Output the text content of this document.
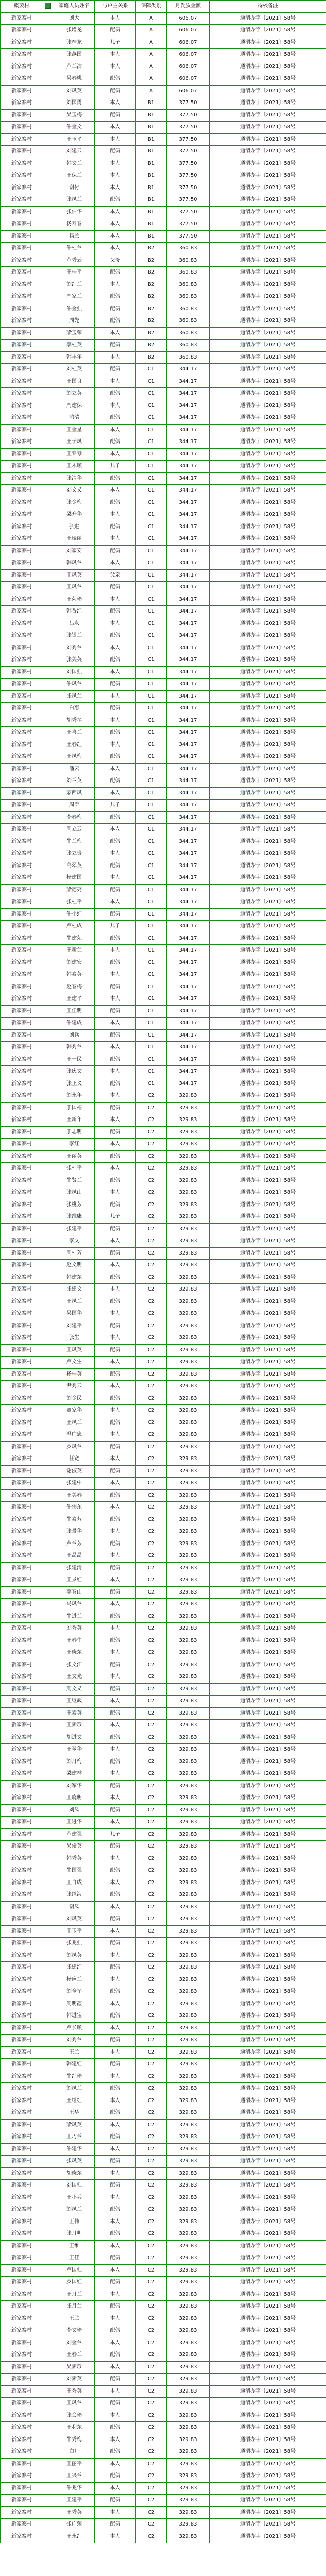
概要村		家庭人员姓名	与户主关系	保障类别	月发放金额	待核备注
新家寨村		刘大	本人	A	606.07	通渭办字〔2021〕58号
新家寨村		张增龙	配偶	A	606.07	通渭办字〔2021〕58号
新家寨村		张桂龙	儿子	A	606.07	通渭办字〔2021〕58号
新家寨村		张燕国	本人	A	606.07	通渭办字〔2021〕58号
新家寨村		卢兰洁	本人	A	606.07	通渭办字〔2021〕58号
新家寨村		吴春桃	配偶	A	606.07	通渭办字〔2021〕58号
新家寨村		刘凤英	配偶	A	606.07	通渭办字〔2021〕58号
新家寨村		刘国勇	本人	B1	377.50	通渭办字〔2021〕58号
新家寨村		吴玉梅	配偶	B1	377.50	通渭办字〔2021〕58号
新家寨村		牛金文	本人	B1	377.50	通渭办字〔2021〕58号
新家寨村		王玉平	本人	B1	377.50	通渭办字〔2021〕58号
新家寨村		刘建云	配偶	B1	377.50	通渭办字〔2021〕58号
新家寨村		韩文兰	本人	B1	377.50	通渭办字〔2021〕58号
新家寨村		王保兰	本人	B1	377.50	通渭办字〔2021〕58号
新家寨村		谢付	本人	B1	377.50	通渭办字〔2021〕58号
新家寨村		张凤兰	配偶	B1	377.50	通渭办字〔2021〕58号
新家寨村		张伯华	本人	B1	377.50	通渭办字〔2021〕58号
新家寨村		杨寿春	本人	B1	377.50	通渭办字〔2021〕58号
新家寨村		杨兰	本人	B1	377.50	通渭办字〔2021〕58号
新家寨村		牛桂兰	本人	B2	360.83	通渭办字〔2021〕58号
新家寨村		卢秀云	父母	B2	360.83	通渭办字〔2021〕58号
新家寨村		王桂平	配偶	B2	360.83	通渭办字〔2021〕58号
新家寨村		刘红兰	本人	B2	360.83	通渭办字〔2021〕58号
新家寨村		周家兰	配偶	B2	360.83	通渭办字〔2021〕58号
新家寨村		牛金强	配偶	B2	360.83	通渭办字〔2021〕58号
新家寨村		周先	配偶	B2	360.83	通渭办字〔2021〕58号
新家寨村		梁玉荣	本人	B2	360.83	通渭办字〔2021〕58号
新家寨村		李桂英	配偶	B2	360.83	通渭办字〔2021〕58号
新家寨村		韩丰年	本人	B2	360.83	通渭办字〔2021〕58号
新家寨村		刘桂英	配偶	C1	344.17	通渭办字〔2021〕58号
新家寨村		王国良	本人	C1	344.17	通渭办字〔2021〕58号
新家寨村		刘立英	配偶	C1	344.17	通渭办字〔2021〕58号
新家寨村		周建保	本人	C1	344.17	通渭办字〔2021〕58号
新家寨村		鸿清	配偶	C1	344.17	通渭办字〔2021〕58号
新家寨村		王金星	本人	C1	344.17	通渭办字〔2021〕58号
新家寨村		王子凤	配偶	C1	344.17	通渭办字〔2021〕58号
新家寨村		王亚琴	本人	C1	344.17	通渭办字〔2021〕58号
新家寨村		王木顺	儿子	C1	344.17	通渭办字〔2021〕58号
新家寨村		张清华	配偶	C1	344.17	通渭办字〔2021〕58号
新家寨村		刘文义	本人	C1	344.17	通渭办字〔2021〕58号
新家寨村		张金梅	配偶	C1	344.17	通渭办字〔2021〕58号
新家寨村		梁升华	本人	C1	344.17	通渭办字〔2021〕58号
新家寨村		张进	配偶	C1	344.17	通渭办字〔2021〕58号
新家寨村		王瑞丽	本人	C1	344.17	通渭办字〔2021〕58号
新家寨村		刘家安	配偶	C1	344.17	通渭办字〔2021〕58号
新家寨村		韩凤兰	本人	C1	344.17	通渭办字〔2021〕58号
新家寨村		王凤英	父亲	C1	344.17	通渭办字〔2021〕58号
新家寨村		王凤兰	配偶	C1	344.17	通渭办字〔2021〕58号
新家寨村		王菊珍	本人	C1	344.17	通渭办字〔2021〕58号
新家寨村		韩香红	配偶	C1	344.17	通渭办字〔2021〕58号
新家寨村		吕永	本人	C1	344.17	通渭办字〔2021〕58号
新家寨村		张银兰	配偶	C1	344.17	通渭办字〔2021〕58号
新家寨村		刘秀兰	本人	C1	344.17	通渭办字〔2021〕58号
新家寨村		张美英	配偶	C1	344.17	通渭办字〔2021〕58号
新家寨村		刘国强	本人	C1	344.17	通渭办字〔2021〕58号
新家寨村		牛凤兰	配偶	C1	344.17	通渭办字〔2021〕58号
新家寨村		张凤兰	本人	C1	344.17	通渭办字〔2021〕58号
新家寨村		白惠	配偶	C1	344.17	通渭办字〔2021〕58号
新家寨村		胡秀琴	本人	C1	344.17	通渭办字〔2021〕58号
新家寨村		王喜兰	配偶	C1	344.17	通渭办字〔2021〕58号
新家寨村		王春红	本人	C1	344.17	通渭办字〔2021〕58号
新家寨村		王凤梅	配偶	C1	344.17	通渭办字〔2021〕58号
新家寨村		潘云	本人	C1	344.17	通渭办字〔2021〕58号
新家寨村		刘兰英	配偶	C1	344.17	通渭办字〔2021〕58号
新家寨村		蒙西凤	本人	C1	344.17	通渭办字〔2021〕58号
新家寨村		周臣	儿子	C1	344.17	通渭办字〔2021〕58号
新家寨村		李春梅	配偶	C1	344.17	通渭办字〔2021〕58号
新家寨村		周立云	本人	C1	344.17	通渭办字〔2021〕58号
新家寨村		牛兰梅	配偶	C1	344.17	通渭办字〔2021〕58号
新家寨村		张立贵	本人	C1	344.17	通渭办字〔2021〕58号
新家寨村		高翠英	配偶	C1	344.17	通渭办字〔2021〕58号
新家寨村		杨建国	本人	C1	344.17	通渭办字〔2021〕58号
新家寨村		梁德亮	配偶	C1	344.17	通渭办字〔2021〕58号
新家寨村		张桂平	本人	C1	344.17	通渭办字〔2021〕58号
新家寨村		牛小红	配偶	C1	344.17	通渭办字〔2021〕58号
新家寨村		卢桂成	儿子	C1	344.17	通渭办字〔2021〕58号
新家寨村		牛建荣	配偶	C1	344.17	通渭办字〔2021〕58号
新家寨村		王新兰	本人	C1	344.17	通渭办字〔2021〕58号
新家寨村		刘建安	配偶	C1	344.17	通渭办字〔2021〕58号
新家寨村		韩素英	本人	C1	344.17	通渭办字〔2021〕58号
新家寨村		赵春梅	配偶	C1	344.17	通渭办字〔2021〕58号
新家寨村		王建平	本人	C1	344.17	通渭办字〔2021〕58号
新家寨村		王佳明	配偶	C1	344.17	通渭办字〔2021〕58号
新家寨村		牛建成	本人	C1	344.17	通渭办字〔2021〕58号
新家寨村		刘兵	配偶	C1	344.17	通渭办字〔2021〕58号
新家寨村		韩秀兰	本人	C1	344.17	通渭办字〔2021〕58号
新家寨村		王一民	配偶	C1	344.17	通渭办字〔2021〕58号
新家寨村		张庆文	本人	C1	344.17	通渭办字〔2021〕58号
新家寨村		张正义	配偶	C1	344.17	通渭办字〔2021〕58号
新家寨村		刘永年	本人	C2	329.83	通渭办字〔2021〕58号
新家寨村		于国福	配偶	C2	329.83	通渭办字〔2021〕58号
新家寨村		王新年	本人	C2	329.83	通渭办字〔2021〕58号
新家寨村		于志明	配偶	C2	329.83	通渭办字〔2021〕58号
新家寨村		李红	本人	C2	329.83	通渭办字〔2021〕58号
新家寨村		王丽英	配偶	C2	329.83	通渭办字〔2021〕58号
新家寨村		张桂平	本人	C2	329.83	通渭办字〔2021〕58号
新家寨村		牛贤兰	配偶	C2	329.83	通渭办字〔2021〕58号
新家寨村		张凤山	本人	C2	329.83	通渭办字〔2021〕58号
新家寨村		张桃芳	配偶	C2	329.83	通渭办字〔2021〕58号
新家寨村		张维康	儿子	C2	329.83	通渭办字〔2021〕58号
新家寨村		张建平	配偶	C2	329.83	通渭办字〔2021〕58号
新家寨村		李文	本人	C2	329.83	通渭办字〔2021〕58号
新家寨村		周桂芳	配偶	C2	329.83	通渭办字〔2021〕58号
新家寨村		赵文明	本人	C2	329.83	通渭办字〔2021〕58号
新家寨村		韩建东	配偶	C2	329.83	通渭办字〔2021〕58号
新家寨村		张建文	本人	C2	329.83	通渭办字〔2021〕58号
新家寨村		王凤兰	配偶	C2	329.83	通渭办字〔2021〕58号
新家寨村		吴国华	本人	C2	329.83	通渭办字〔2021〕58号
新家寨村		刘建平	配偶	C2	329.83	通渭办字〔2021〕58号
新家寨村		张生	本人	C2	329.83	通渭办字〔2021〕58号
新家寨村		王凤英	配偶	C2	329.83	通渭办字〔2021〕58号
新家寨村		卢文生	本人	C2	329.83	通渭办字〔2021〕58号
新家寨村		杨桂英	配偶	C2	329.83	通渭办字〔2021〕58号
新家寨村		尹秀云	本人	C2	329.83	通渭办字〔2021〕58号
新家寨村		刘金民	配偶	C2	329.83	通渭办字〔2021〕58号
新家寨村		董家华	本人	C2	329.83	通渭办字〔2021〕58号
新家寨村		王凤兰	配偶	C2	329.83	通渭办字〔2021〕58号
新家寨村		冯广忠	本人	C2	329.83	通渭办字〔2021〕58号
新家寨村		罗凤兰	配偶	C2	329.83	通渭办字〔2021〕58号
新家寨村		任宽	本人	C2	329.83	通渭办字〔2021〕58号
新家寨村		谢淑英	配偶	C2	329.83	通渭办字〔2021〕58号
新家寨村		张建中	本人	C2	329.83	通渭办字〔2021〕58号
新家寨村		王美春	配偶	C2	329.83	通渭办字〔2021〕58号
新家寨村		牛伟东	本人	C2	329.83	通渭办字〔2021〕58号
新家寨村		牛素芳	配偶	C2	329.83	通渭办字〔2021〕58号
新家寨村		张景华	本人	C2	329.83	通渭办字〔2021〕58号
新家寨村		卢兰芳	配偶	C2	329.83	通渭办字〔2021〕58号
新家寨村		王晶晶	本人	C2	329.83	通渭办字〔2021〕58号
新家寨村		张建清	配偶	C2	329.83	通渭办字〔2021〕58号
新家寨村		王景红	本人	C2	329.83	通渭办字〔2021〕58号
新家寨村		李春山	配偶	C2	329.83	通渭办字〔2021〕58号
新家寨村		马凤兰	本人	C2	329.83	通渭办字〔2021〕58号
新家寨村		牛进兰	配偶	C2	329.83	通渭办字〔2021〕58号
新家寨村		刘秀英	本人	C2	329.83	通渭办字〔2021〕58号
新家寨村		王春生	配偶	C2	329.83	通渭办字〔2021〕58号
新家寨村		王晓东	本人	C2	329.83	通渭办字〔2021〕58号
新家寨村		张文江	配偶	C2	329.83	通渭办字〔2021〕58号
新家寨村		王文光	本人	C2	329.83	通渭办字〔2021〕58号
新家寨村		周文义	配偶	C2	329.83	通渭办字〔2021〕58号
新家寨村		王继武	本人	C2	329.83	通渭办字〔2021〕58号
新家寨村		王素英	配偶	C2	329.83	通渭办字〔2021〕58号
新家寨村		王素珍	本人	C2	329.83	通渭办字〔2021〕58号
新家寨村		胡进文	配偶	C2	329.83	通渭办字〔2021〕58号
新家寨村		王翠华	本人	C2	329.83	通渭办字〔2021〕58号
新家寨村		刘月梅	配偶	C2	329.83	通渭办字〔2021〕58号
新家寨村		梁建林	本人	C2	329.83	通渭办字〔2021〕58号
新家寨村		刘军华	配偶	C2	329.83	通渭办字〔2021〕58号
新家寨村		王晓明	本人	C2	329.83	通渭办字〔2021〕58号
新家寨村		刘凤	配偶	C2	329.83	通渭办字〔2021〕58号
新家寨村		王进华	本人	C2	329.83	通渭办字〔2021〕58号
新家寨村		卢建强	儿子	C2	329.83	通渭办字〔2021〕58号
新家寨村		吴俊英	配偶	C2	329.83	通渭办字〔2021〕58号
新家寨村		韩秀英	本人	C2	329.83	通渭办字〔2021〕58号
新家寨村		牛国强	配偶	C2	329.83	通渭办字〔2021〕58号
新家寨村		王自成	本人	C2	329.83	通渭办字〔2021〕58号
新家寨村		张继海	配偶	C2	329.83	通渭办字〔2021〕58号
新家寨村		谢凤	本人	C2	329.83	通渭办字〔2021〕58号
新家寨村		刘凤英	配偶	C2	329.83	通渭办字〔2021〕58号
新家寨村		王玉平	本人	C2	329.83	通渭办字〔2021〕58号
新家寨村		张兆强	配偶	C2	329.83	通渭办字〔2021〕58号
新家寨村		刘凤英	本人	C2	329.83	通渭办字〔2021〕58号
新家寨村		张建红	配偶	C2	329.83	通渭办字〔2021〕58号
新家寨村		杨应兰	本人	C2	329.83	通渭办字〔2021〕58号
新家寨村		刘全军	配偶	C2	329.83	通渭办字〔2021〕58号
新家寨村		周明霞	本人	C2	329.83	通渭办字〔2021〕58号
新家寨村		韩进宝	配偶	C2	329.83	通渭办字〔2021〕58号
新家寨村		卢长顺	本人	C2	329.83	通渭办字〔2021〕58号
新家寨村		刘秀兰	配偶	C2	329.83	通渭办字〔2021〕58号
新家寨村		王兰	本人	C2	329.83	通渭办字〔2021〕58号
新家寨村		韩建红	配偶	C2	329.83	通渭办字〔2021〕58号
新家寨村		牛红珍	本人	C2	329.83	通渭办字〔2021〕58号
新家寨村		刘凤兰	配偶	C2	329.83	通渭办字〔2021〕58号
新家寨村		王继红	本人	C2	329.83	通渭办字〔2021〕58号
新家寨村		王华	配偶	C2	329.83	通渭办字〔2021〕58号
新家寨村		梁凤英	本人	C2	329.83	通渭办字〔2021〕58号
新家寨村		王巧兰	配偶	C2	329.83	通渭办字〔2021〕58号
新家寨村		牛建华	本人	C2	329.83	通渭办字〔2021〕58号
新家寨村		张凤英	配偶	C2	329.83	通渭办字〔2021〕58号
新家寨村		胡晓东	本人	C2	329.83	通渭办字〔2021〕58号
新家寨村		刘国强	配偶	C2	329.83	通渭办字〔2021〕58号
新家寨村		王小兵	本人	C2	329.83	通渭办字〔2021〕58号
新家寨村		刘凤兰	配偶	C2	329.83	通渭办字〔2021〕58号
新家寨村		王伟	本人	C2	329.83	通渭办字〔2021〕58号
新家寨村		张月明	配偶	C2	329.83	通渭办字〔2021〕58号
新家寨村		王维	本人	C2	329.83	通渭办字〔2021〕58号
新家寨村		王佳	配偶	C2	329.83	通渭办字〔2021〕58号
新家寨村		卢国强	本人	C2	329.83	通渭办字〔2021〕58号
新家寨村		罗国红	配偶	C2	329.83	通渭办字〔2021〕58号
新家寨村		王月兰	本人	C2	329.83	通渭办字〔2021〕58号
新家寨村		张月兰	配偶	C2	329.83	通渭办字〔2021〕58号
新家寨村		王兰	本人	C2	329.83	通渭办字〔2021〕58号
新家寨村		李文珍	配偶	C2	329.83	通渭办字〔2021〕58号
新家寨村		刘金兰	本人	C2	329.83	通渭办字〔2021〕58号
新家寨村		王春兰	配偶	C2	329.83	通渭办字〔2021〕58号
新家寨村		吴素珍	本人	C2	329.83	通渭办字〔2021〕58号
新家寨村		刘素英	配偶	C2	329.83	通渭办字〔2021〕58号
新家寨村		王秀英	本人	C2	329.83	通渭办字〔2021〕58号
新家寨村		王凤兰	配偶	C2	329.83	通渭办字〔2021〕58号
新家寨村		张会珍	本人	C2	329.83	通渭办字〔2021〕58号
新家寨村		王利东	配偶	C2	329.83	通渭办字〔2021〕58号
新家寨村		牛秀梅	本人	C2	329.83	通渭办字〔2021〕58号
新家寨村		白月	配偶	C2	329.83	通渭办字〔2021〕58号
新家寨村		王丽平	本人	C2	329.83	通渭办字〔2021〕58号
新家寨村		王兴兰	配偶	C2	329.83	通渭办字〔2021〕58号
新家寨村		牛兆华	本人	C2	329.83	通渭办字〔2021〕58号
新家寨村		王建平	配偶	C2	329.83	通渭办字〔2021〕58号
新家寨村		王秀英	本人	C2	329.83	通渭办字〔2021〕58号
新家寨村		张广荣	配偶	C2	329.83	通渭办字〔2021〕58号
新家寨村		王永红	本人	C2	329.83	通渭办字〔2021〕58号
